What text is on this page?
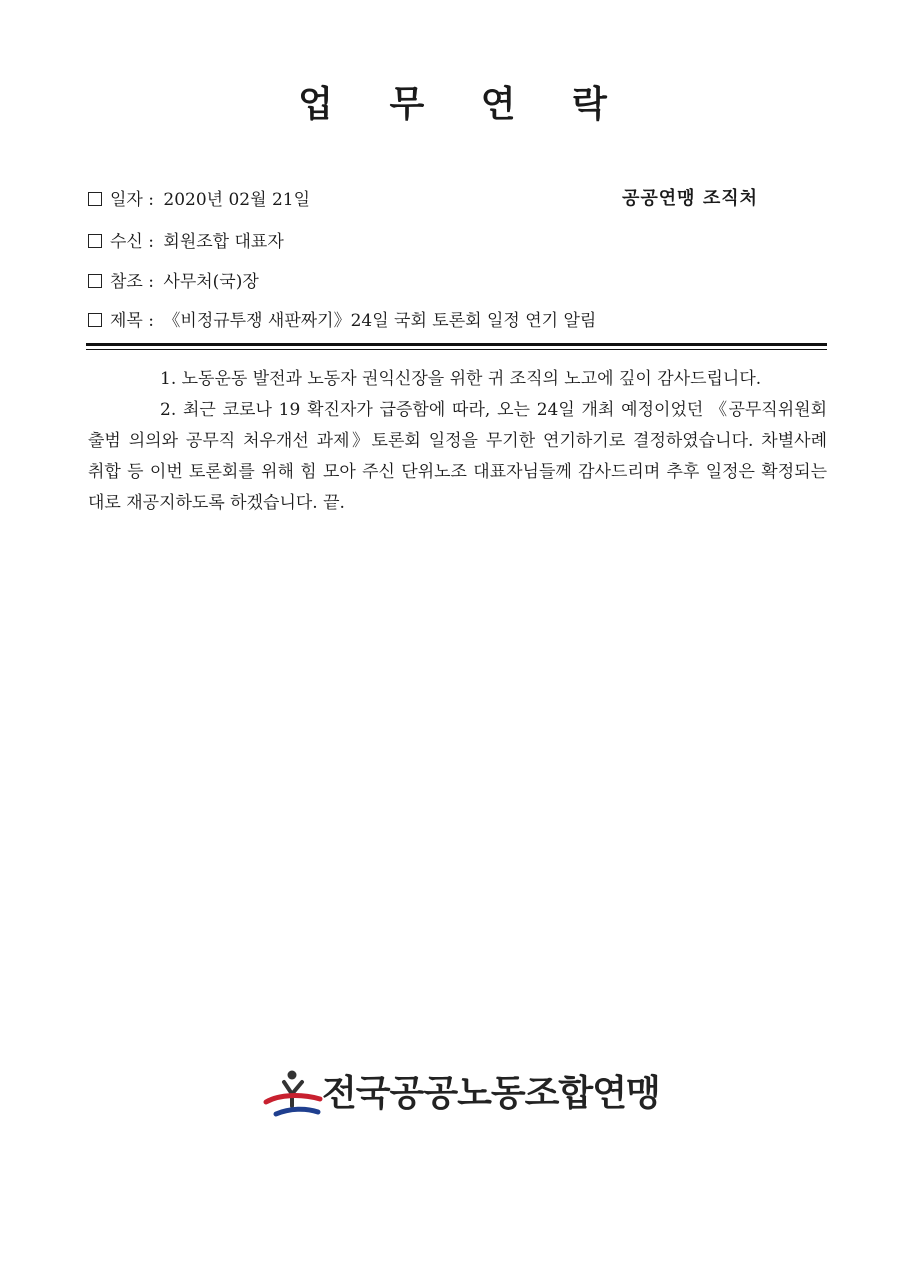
업 무 연 락
일자 : 2020년 02월 21일	공공연맹 조직처
수신 : 회원조합 대표자
참조 : 사무처(국)장
제목 : 《비정규투쟁 새판짜기》24일 국회 토론회 일정 연기 알림

1. 노동운동 발전과 노동자 권익신장을 위한 귀 조직의 노고에 깊이 감사드립니다.

2. 최근 코로나 19 확진자가 급증함에 따라, 오는 24일 개최 예정이었던 《공무직위원회 출범 의의와 공무직 처우개선 과제》토론회 일정을 무기한 연기하기로 결정하였습니다. 차별사례 취합 등 이번 토론회를 위해 힘 모아 주신 단위노조 대표자님들께 감사드리며 추후 일정은 확정되는 대로 재공지하도록 하겠습니다. 끝.

전국공공노동조합연맹
